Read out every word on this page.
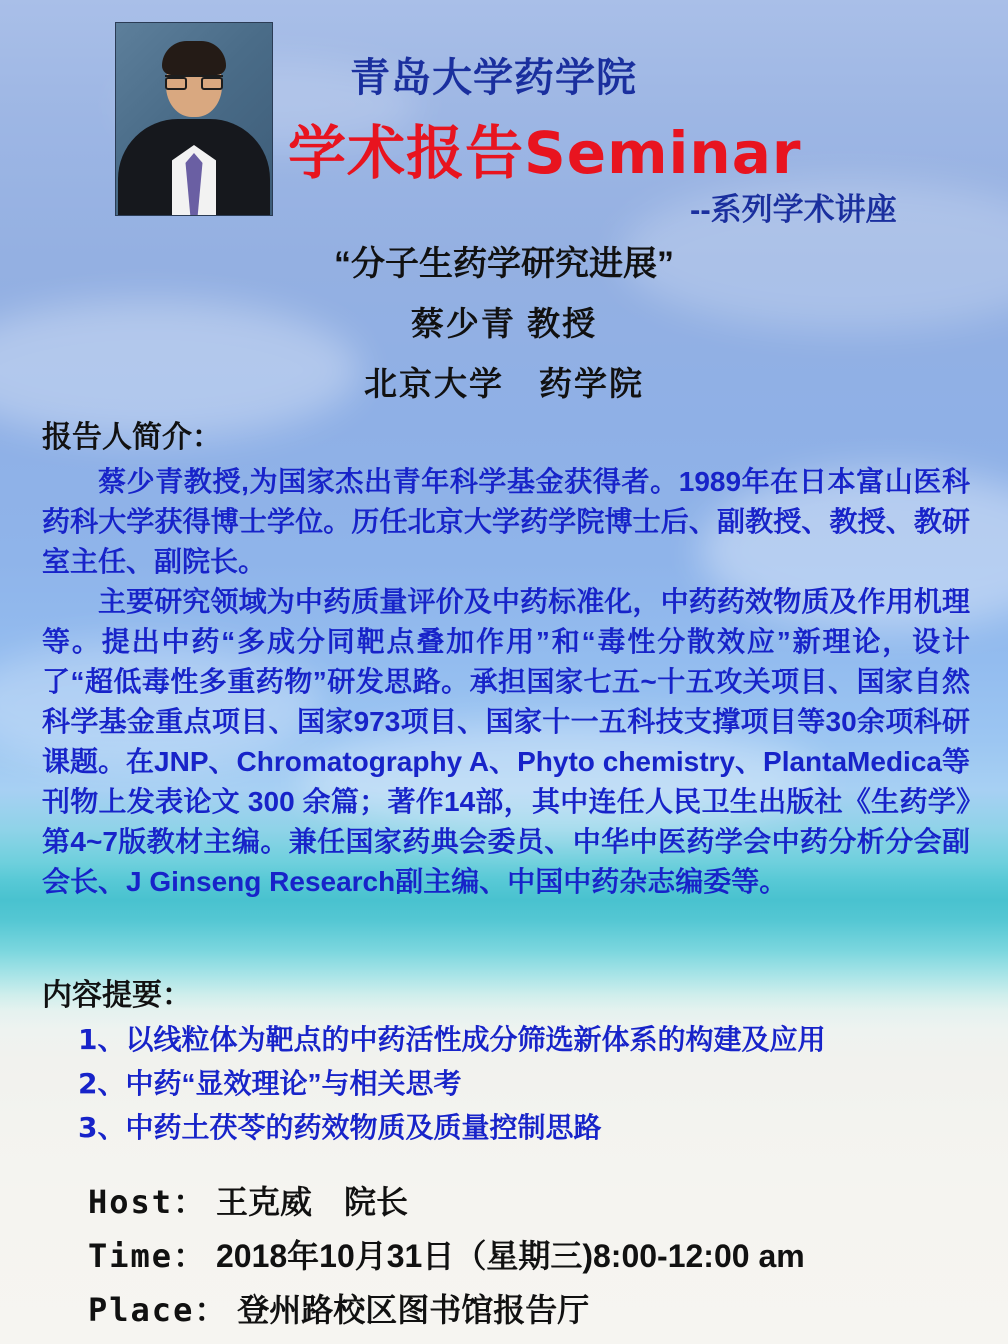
青岛大学药学院
学术报告Seminar
--系列学术讲座
“分子生药学研究进展”
蔡少青 教授
北京大学　药学院
报告人简介：

蔡少青教授,为国家杰出青年科学基金获得者。1989年在日本富山医科药科大学获得博士学位。历任北京大学药学院博士后、副教授、教授、教研室主任、副院长。

主要研究领域为中药质量评价及中药标准化，中药药效物质及作用机理等。提出中药“多成分同靶点叠加作用”和“毒性分散效应”新理论，设计了“超低毒性多重药物”研发思路。承担国家七五~十五攻关项目、国家自然科学基金重点项目、国家973项目、国家十一五科技支撑项目等30余项科研课题。在JNP、Chromatography A、Phyto chemistry、PlantaMedica等刊物上发表论文 300 余篇；著作14部，其中连任人民卫生出版社《生药学》第4~7版教材主编。兼任国家药典会委员、中华中医药学会中药分析分会副会长、J Ginseng Research副主编、中国中药杂志编委等。

内容提要：
1、以线粒体为靶点的中药活性成分筛选新体系的构建及应用
2、中药“显效理论”与相关思考
3、中药土茯苓的药效物质及质量控制思路
Host： 王克威　院长
Time： 2018年10月31日（星期三)8:00-12:00 am
Place： 登州路校区图书馆报告厅
